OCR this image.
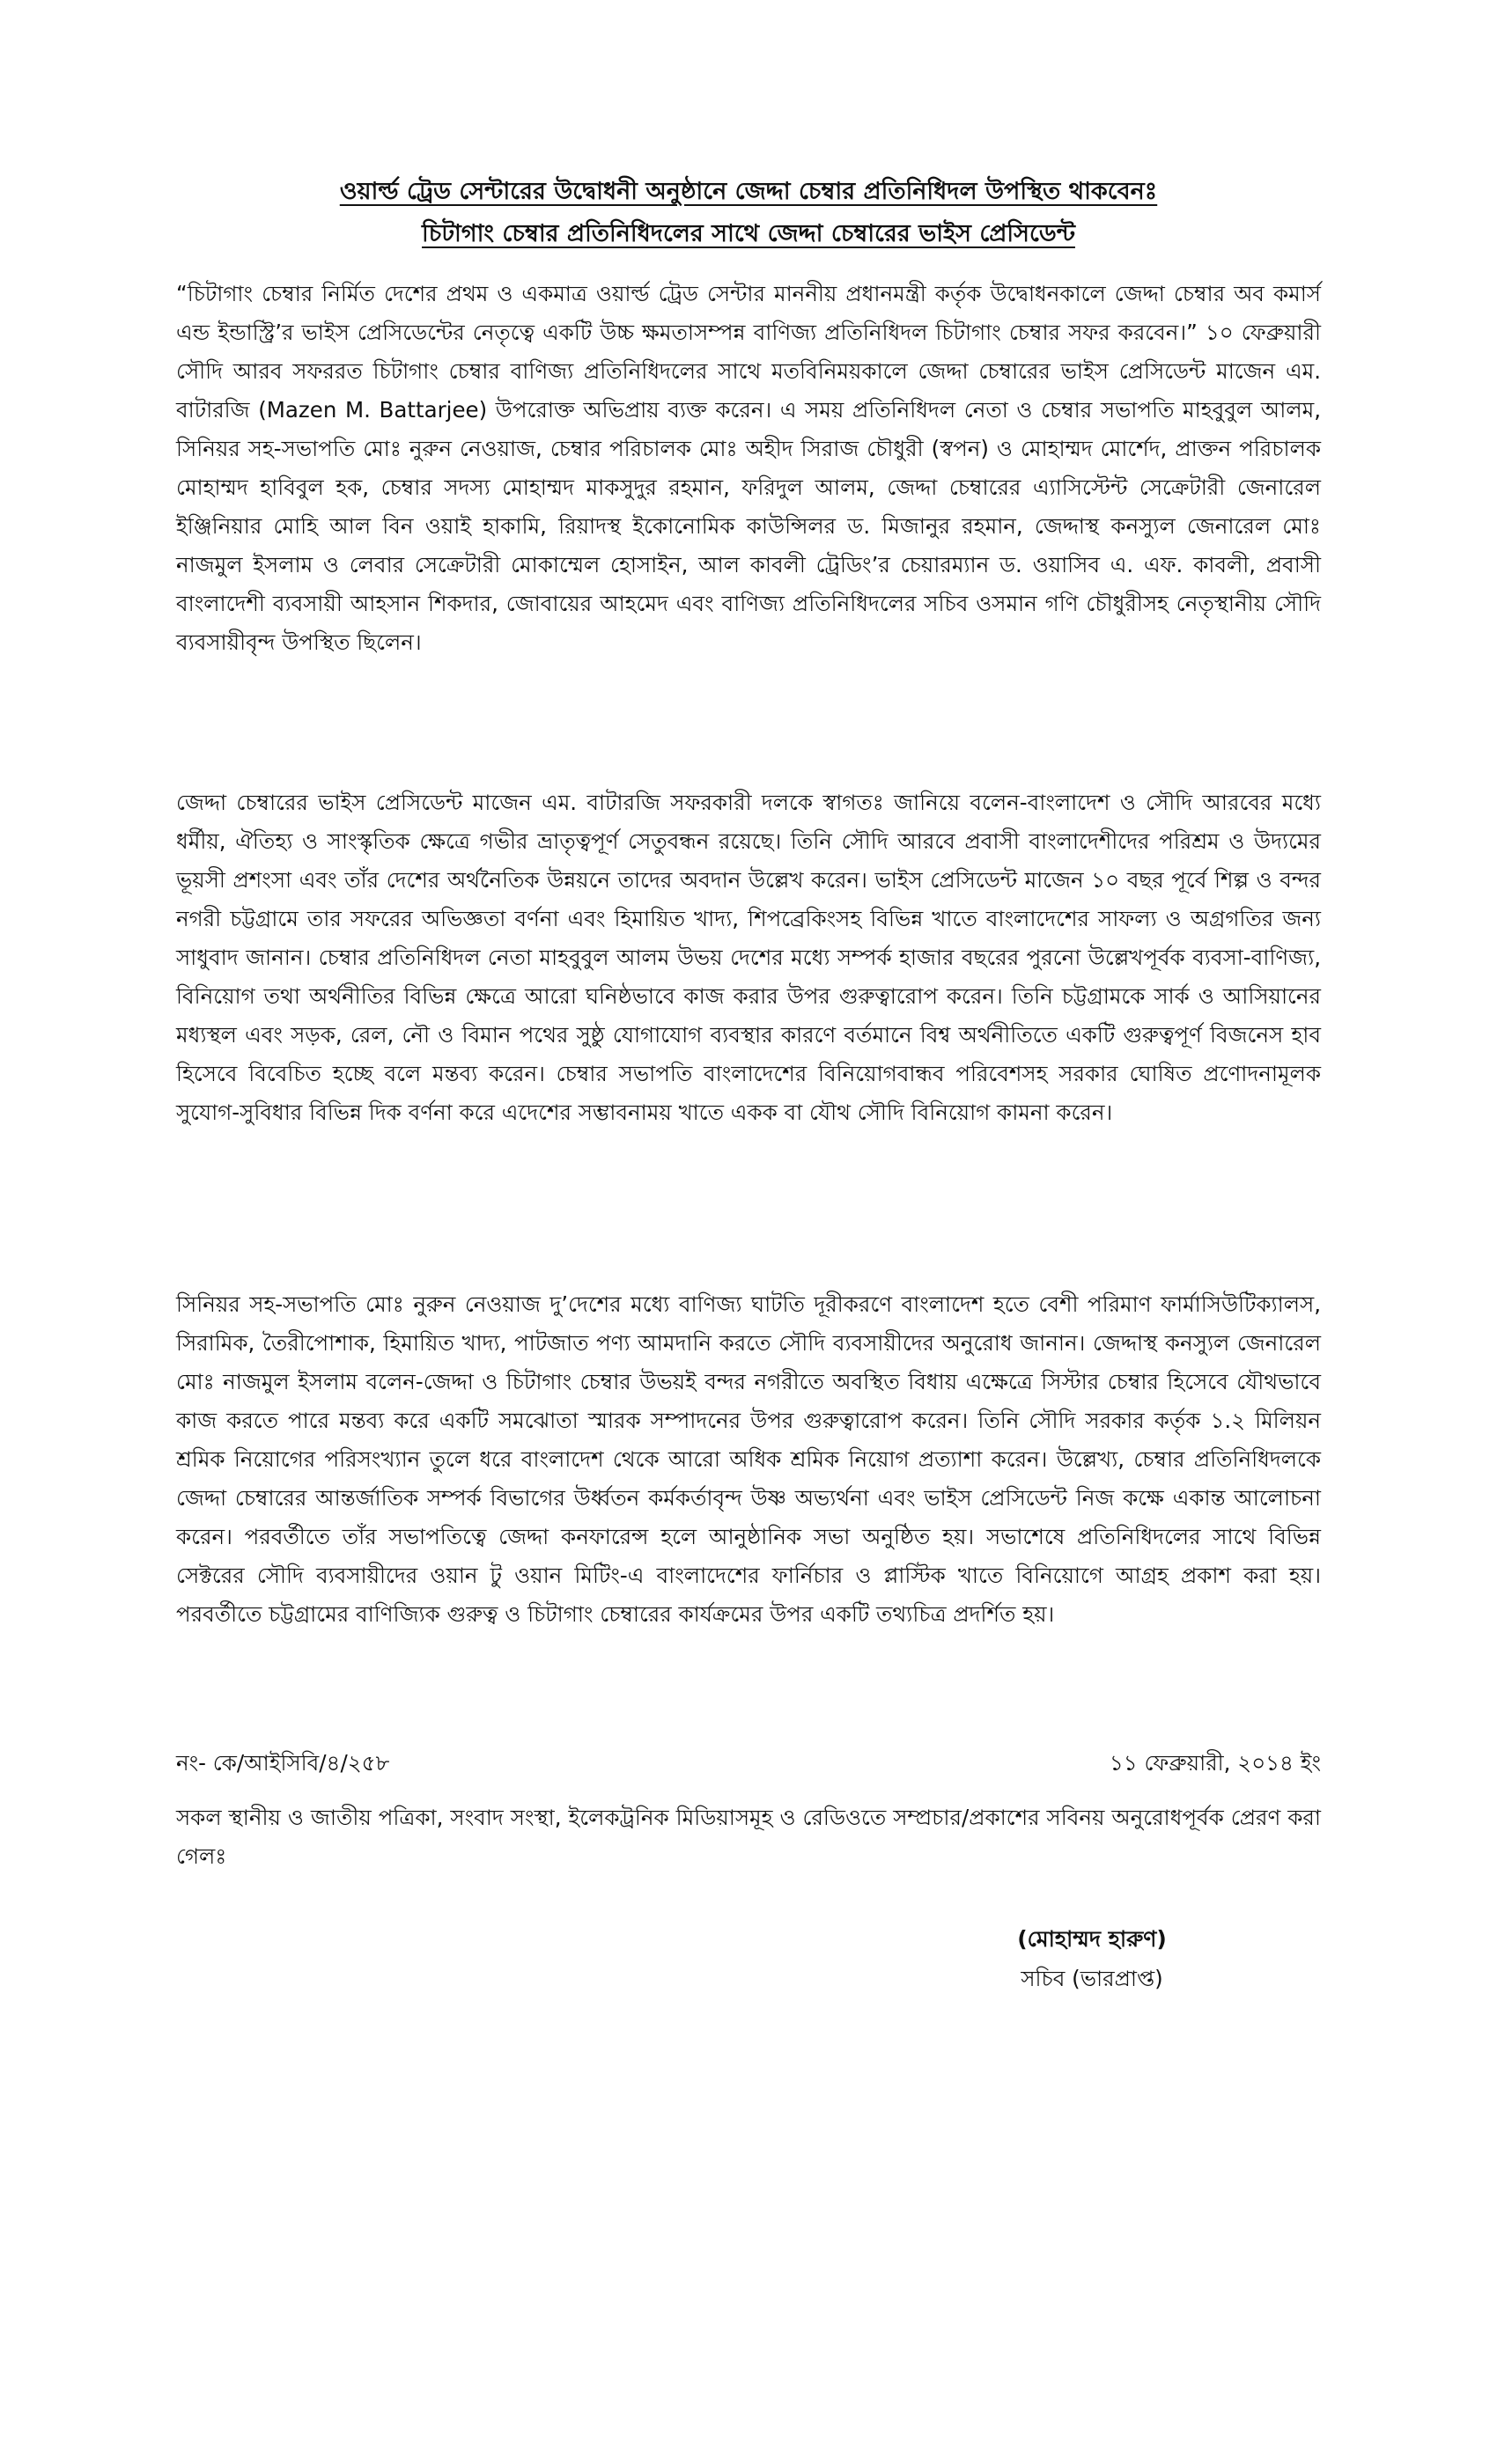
ওয়ার্ল্ড ট্রেড সেন্টারের উদ্বোধনী অনুষ্ঠানে জেদ্দা চেম্বার প্রতিনিধিদল উপস্থিত থাকবেনঃ
চিটাগাং চেম্বার প্রতিনিধিদলের সাথে জেদ্দা চেম্বারের ভাইস প্রেসিডেন্ট

“চিটাগাং চেম্বার নির্মিত দেশের প্রথম ও একমাত্র ওয়ার্ল্ড ট্রেড সেন্টার মাননীয় প্রধানমন্ত্রী কর্তৃক উদ্বোধনকালে জেদ্দা চেম্বার অব কমার্স এন্ড ইন্ডাস্ট্রি’র ভাইস প্রেসিডেন্টের নেতৃত্বে একটি উচ্চ ক্ষমতাসম্পন্ন বাণিজ্য প্রতিনিধিদল চিটাগাং চেম্বার সফর করবেন।” ১০ ফেব্রুয়ারী সৌদি আরব সফররত চিটাগাং চেম্বার বাণিজ্য প্রতিনিধিদলের সাথে মতবিনিময়কালে জেদ্দা চেম্বারের ভাইস প্রেসিডেন্ট মাজেন এম. বাটারজি (Mazen M. Battarjee) উপরোক্ত অভিপ্রায় ব্যক্ত করেন। এ সময় প্রতিনিধিদল নেতা ও চেম্বার সভাপতি মাহবুবুল আলম, সিনিয়র সহ-সভাপতি মোঃ নুরুন নেওয়াজ, চেম্বার পরিচালক মোঃ অহীদ সিরাজ চৌধুরী (স্বপন) ও মোহাম্মদ মোর্শেদ, প্রাক্তন পরিচালক মোহাম্মদ হাবিবুল হক, চেম্বার সদস্য মোহাম্মদ মাকসুদুর রহমান, ফরিদুল আলম, জেদ্দা চেম্বারের এ্যাসিস্টেন্ট সেক্রেটারী জেনারেল ইঞ্জিনিয়ার মোহি আল বিন ওয়াই হাকামি, রিয়াদস্থ ইকোনোমিক কাউন্সিলর ড. মিজানুর রহমান, জেদ্দাস্থ কনস্যুল জেনারেল মোঃ নাজমুল ইসলাম ও লেবার সেক্রেটারী মোকাম্মেল হোসাইন, আল কাবলী ট্রেডিং’র চেয়ারম্যান ড. ওয়াসিব এ. এফ. কাবলী, প্রবাসী বাংলাদেশী ব্যবসায়ী আহসান শিকদার, জোবায়ের আহমেদ এবং বাণিজ্য প্রতিনিধিদলের সচিব ওসমান গণি চৌধুরীসহ নেতৃস্থানীয় সৌদি ব্যবসায়ীবৃন্দ উপস্থিত ছিলেন।

জেদ্দা চেম্বারের ভাইস প্রেসিডেন্ট মাজেন এম. বাটারজি সফরকারী দলকে স্বাগতঃ জানিয়ে বলেন-বাংলাদেশ ও সৌদি আরবের মধ্যে ধর্মীয়, ঐতিহ্য ও সাংস্কৃতিক ক্ষেত্রে গভীর ভ্রাতৃত্বপূর্ণ সেতুবন্ধন রয়েছে। তিনি সৌদি আরবে প্রবাসী বাংলাদেশীদের পরিশ্রম ও উদ্যমের ভূয়সী প্রশংসা এবং তাঁর দেশের অর্থনৈতিক উন্নয়নে তাদের অবদান উল্লেখ করেন। ভাইস প্রেসিডেন্ট মাজেন ১০ বছর পূর্বে শিল্প ও বন্দর নগরী চট্টগ্রামে তার সফরের অভিজ্ঞতা বর্ণনা এবং হিমায়িত খাদ্য, শিপব্রেকিংসহ বিভিন্ন খাতে বাংলাদেশের সাফল্য ও অগ্রগতির জন্য সাধুবাদ জানান। চেম্বার প্রতিনিধিদল নেতা মাহবুবুল আলম উভয় দেশের মধ্যে সম্পর্ক হাজার বছরের পুরনো উল্লেখপূর্বক ব্যবসা-বাণিজ্য, বিনিয়োগ তথা অর্থনীতির বিভিন্ন ক্ষেত্রে আরো ঘনিষ্ঠভাবে কাজ করার উপর গুরুত্বারোপ করেন। তিনি চট্টগ্রামকে সার্ক ও আসিয়ানের মধ্যস্থল এবং সড়ক, রেল, নৌ ও বিমান পথের সুষ্ঠু যোগাযোগ ব্যবস্থার কারণে বর্তমানে বিশ্ব অর্থনীতিতে একটি গুরুত্বপূর্ণ বিজনেস হাব হিসেবে বিবেচিত হচ্ছে বলে মন্তব্য করেন। চেম্বার সভাপতি বাংলাদেশের বিনিয়োগবান্ধব পরিবেশসহ সরকার ঘোষিত প্রণোদনামূলক সুযোগ-সুবিধার বিভিন্ন দিক বর্ণনা করে এদেশের সম্ভাবনাময় খাতে একক বা যৌথ সৌদি বিনিয়োগ কামনা করেন।

সিনিয়র সহ-সভাপতি মোঃ নুরুন নেওয়াজ দু’দেশের মধ্যে বাণিজ্য ঘাটতি দূরীকরণে বাংলাদেশ হতে বেশী পরিমাণ ফার্মাসিউটিক্যালস, সিরামিক, তৈরীপোশাক, হিমায়িত খাদ্য, পাটজাত পণ্য আমদানি করতে সৌদি ব্যবসায়ীদের অনুরোধ জানান। জেদ্দাস্থ কনস্যুল জেনারেল মোঃ নাজমুল ইসলাম বলেন-জেদ্দা ও চিটাগাং চেম্বার উভয়ই বন্দর নগরীতে অবস্থিত বিধায় এক্ষেত্রে সিস্টার চেম্বার হিসেবে যৌথভাবে কাজ করতে পারে মন্তব্য করে একটি সমঝোতা স্মারক সম্পাদনের উপর গুরুত্বারোপ করেন। তিনি সৌদি সরকার কর্তৃক ১.২ মিলিয়ন শ্রমিক নিয়োগের পরিসংখ্যান তুলে ধরে বাংলাদেশ থেকে আরো অধিক শ্রমিক নিয়োগ প্রত্যাশা করেন। উল্লেখ্য, চেম্বার প্রতিনিধিদলকে জেদ্দা চেম্বারের আন্তর্জাতিক সম্পর্ক বিভাগের উর্ধ্বতন কর্মকর্তাবৃন্দ উষ্ণ অভ্যর্থনা এবং ভাইস প্রেসিডেন্ট নিজ কক্ষে একান্ত আলোচনা করেন। পরবর্তীতে তাঁর সভাপতিত্বে জেদ্দা কনফারেন্স হলে আনুষ্ঠানিক সভা অনুষ্ঠিত হয়। সভাশেষে প্রতিনিধিদলের সাথে বিভিন্ন সেক্টরের সৌদি ব্যবসায়ীদের ওয়ান টু ওয়ান মিটিং-এ বাংলাদেশের ফার্নিচার ও প্লাস্টিক খাতে বিনিয়োগে আগ্রহ প্রকাশ করা হয়। পরবর্তীতে চট্টগ্রামের বাণিজ্যিক গুরুত্ব ও চিটাগাং চেম্বারের কার্যক্রমের উপর একটি তথ্যচিত্র প্রদর্শিত হয়।

নং- কে/আইসিবি/৪/২৫৮	১১ ফেব্রুয়ারী, ২০১৪ ইং
সকল স্থানীয় ও জাতীয় পত্রিকা, সংবাদ সংস্থা, ইলেকট্রনিক মিডিয়াসমূহ ও রেডিওতে সম্প্রচার/প্রকাশের সবিনয় অনুরোধপূর্বক প্রেরণ করা গেলঃ
(মোহাম্মদ হারুণ)
সচিব (ভারপ্রাপ্ত)
